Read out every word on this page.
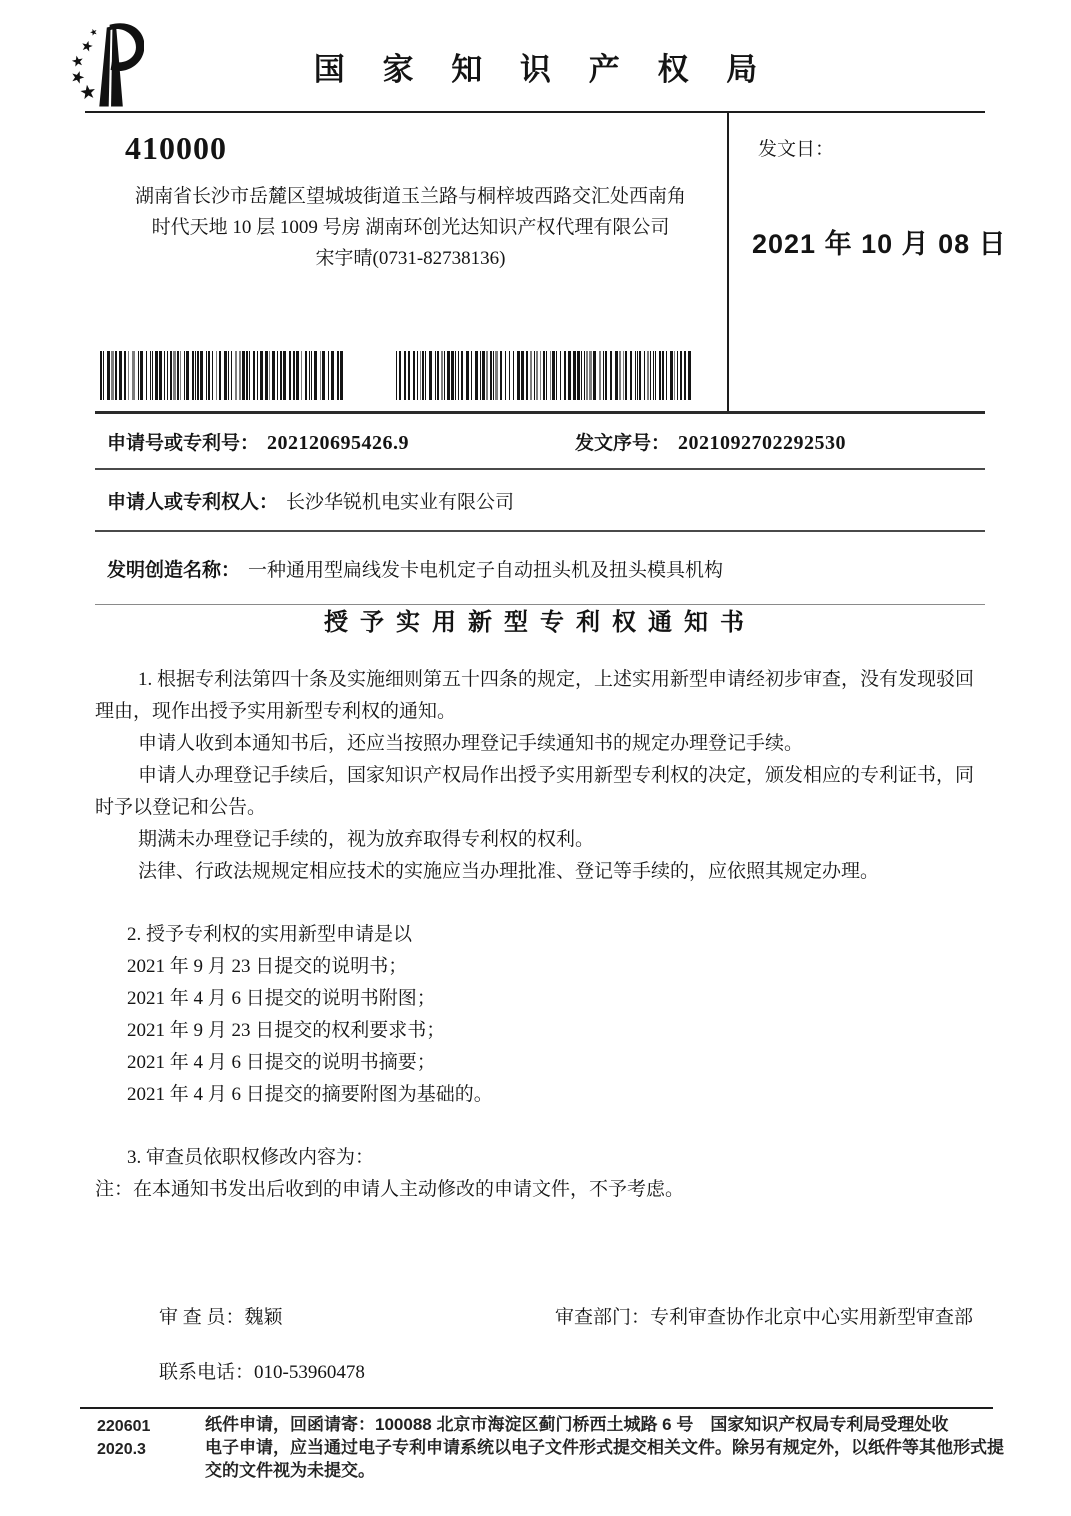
国 家 知 识 产 权 局
410000
湖南省长沙市岳麓区望城坡街道玉兰路与桐梓坡西路交汇处西南角
时代天地 10 层 1009 号房 湖南环创光达知识产权代理有限公司
宋宇晴(0731-82738136)
发文日：
2021 年 10 月 08 日
申请号或专利号： 202120695426.9	发文序号： 2021092702292530
申请人或专利权人： 长沙华锐机电实业有限公司
发明创造名称： 一种通用型扁线发卡电机定子自动扭头机及扭头模具机构
授 予 实 用 新 型 专 利 权 通 知 书

1. 根据专利法第四十条及实施细则第五十四条的规定，上述实用新型申请经初步审查，没有发现驳回理由，现作出授予实用新型专利权的通知。

申请人收到本通知书后，还应当按照办理登记手续通知书的规定办理登记手续。

申请人办理登记手续后，国家知识产权局作出授予实用新型专利权的决定，颁发相应的专利证书，同时予以登记和公告。

期满未办理登记手续的，视为放弃取得专利权的权利。

法律、行政法规规定相应技术的实施应当办理批准、登记等手续的，应依照其规定办理。

2. 授予专利权的实用新型申请是以

2021 年 9 月 23 日提交的说明书；

2021 年 4 月 6 日提交的说明书附图；

2021 年 9 月 23 日提交的权利要求书；

2021 年 4 月 6 日提交的说明书摘要；

2021 年 4 月 6 日提交的摘要附图为基础的。

3. 审查员依职权修改内容为：

注：在本通知书发出后收到的申请人主动修改的申请文件，不予考虑。

审 查 员：魏颖	审查部门：专利审查协作北京中心实用新型审查部
联系电话：010-53960478
220601
2020.3

纸件申请，回函请寄：100088 北京市海淀区蓟门桥西土城路 6 号　国家知识产权局专利局受理处收

电子申请，应当通过电子专利申请系统以电子文件形式提交相关文件。除另有规定外，以纸件等其他形式提交的文件视为未提交。
